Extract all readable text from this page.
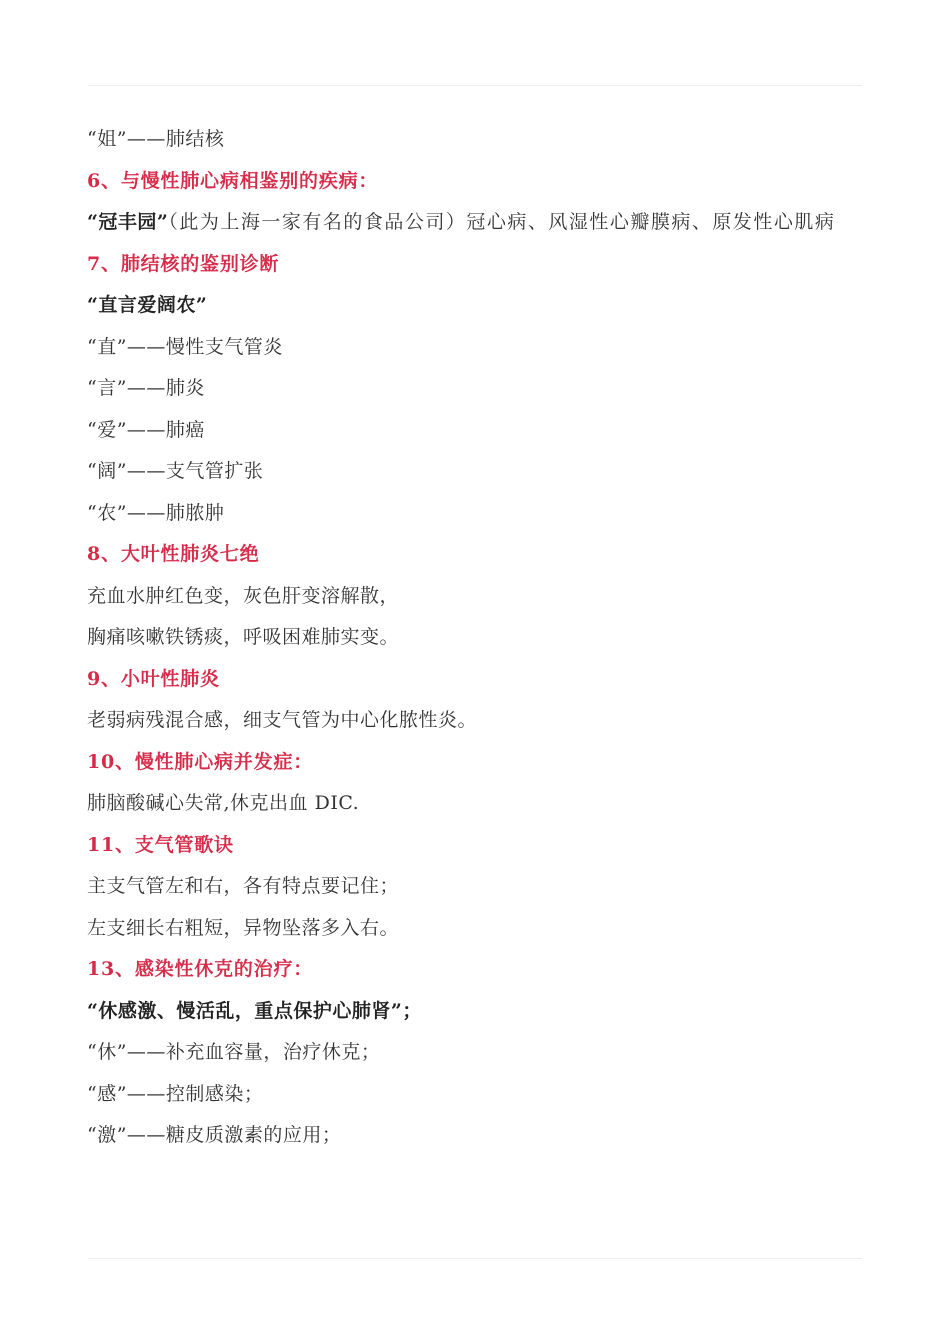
“姐”——肺结核
6、与慢性肺心病相鉴别的疾病：
“冠丰园”（此为上海一家有名的食品公司）冠心病、风湿性心瓣膜病、原发性心肌病
7、肺结核的鉴别诊断
“直言爱阔农”
“直”——慢性支气管炎
“言”——肺炎
“爱”——肺癌
“阔”——支气管扩张
“农”——肺脓肿
8、大叶性肺炎七绝
充血水肿红色变，灰色肝变溶解散，
胸痛咳嗽铁锈痰，呼吸困难肺实变。
9、小叶性肺炎
老弱病残混合感，细支气管为中心化脓性炎。
10、慢性肺心病并发症：
肺脑酸碱心失常,休克出血 DIC.
11、支气管歌诀
主支气管左和右，各有特点要记住；
左支细长右粗短，异物坠落多入右。
13、感染性休克的治疗：
“休感激、慢活乱，重点保护心肺肾”；
“休”——补充血容量，治疗休克；
“感”——控制感染；
“激”——糖皮质激素的应用；
